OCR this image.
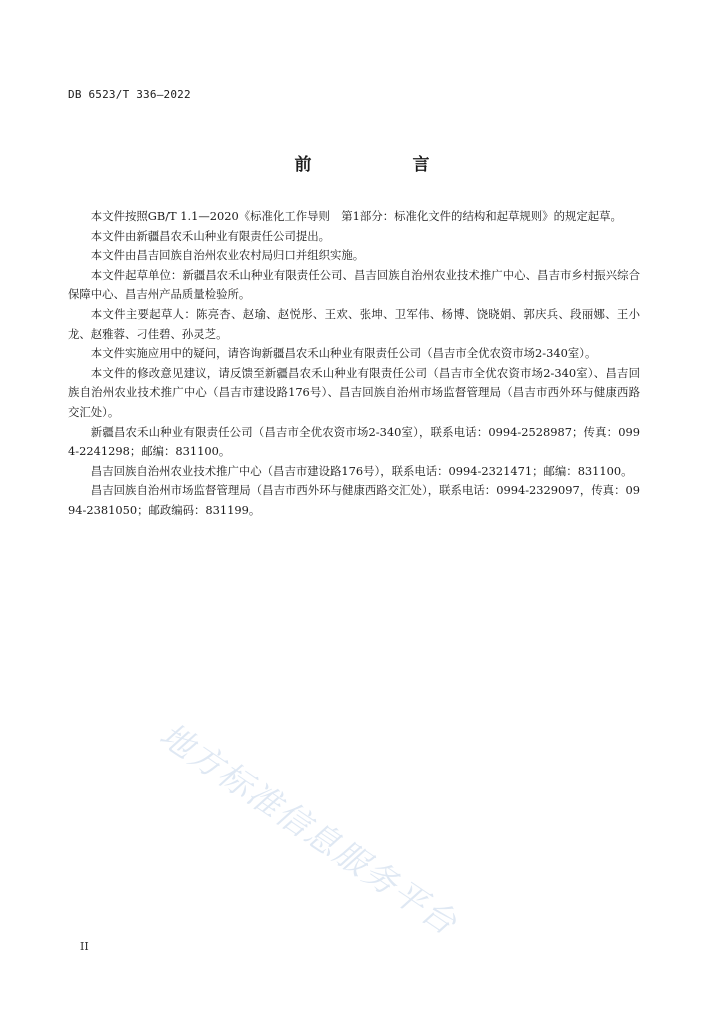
DB 6523/T 336—2022
前　言

本文件按照GB/T 1.1—2020《标准化工作导则　第1部分：标准化文件的结构和起草规则》的规定起草。

本文件由新疆昌农禾山种业有限责任公司提出。

本文件由昌吉回族自治州农业农村局归口并组织实施。

本文件起草单位：新疆昌农禾山种业有限责任公司、昌吉回族自治州农业技术推广中心、昌吉市乡村振兴综合保障中心、昌吉州产品质量检验所。

本文件主要起草人：陈亮杏、赵瑜、赵悦彤、王欢、张坤、卫军伟、杨博、饶晓娟、郭庆兵、段丽娜、王小龙、赵雅蓉、刁佳碧、孙灵芝。

本文件实施应用中的疑问，请咨询新疆昌农禾山种业有限责任公司（昌吉市全优农资市场2-340室）。

本文件的修改意见建议，请反馈至新疆昌农禾山种业有限责任公司（昌吉市全优农资市场2-340室）、昌吉回族自治州农业技术推广中心（昌吉市建设路176号）、昌吉回族自治州市场监督管理局（昌吉市西外环与健康西路交汇处）。

新疆昌农禾山种业有限责任公司（昌吉市全优农资市场2-340室），联系电话：0994-2528987；传真：0994-2241298；邮编：831100。

昌吉回族自治州农业技术推广中心（昌吉市建设路176号），联系电话：0994-2321471；邮编：831100。

昌吉回族自治州市场监督管理局（昌吉市西外环与健康西路交汇处），联系电话：0994-2329097，传真：0994-2381050；邮政编码：831199。

地方标准信息服务平台
II
